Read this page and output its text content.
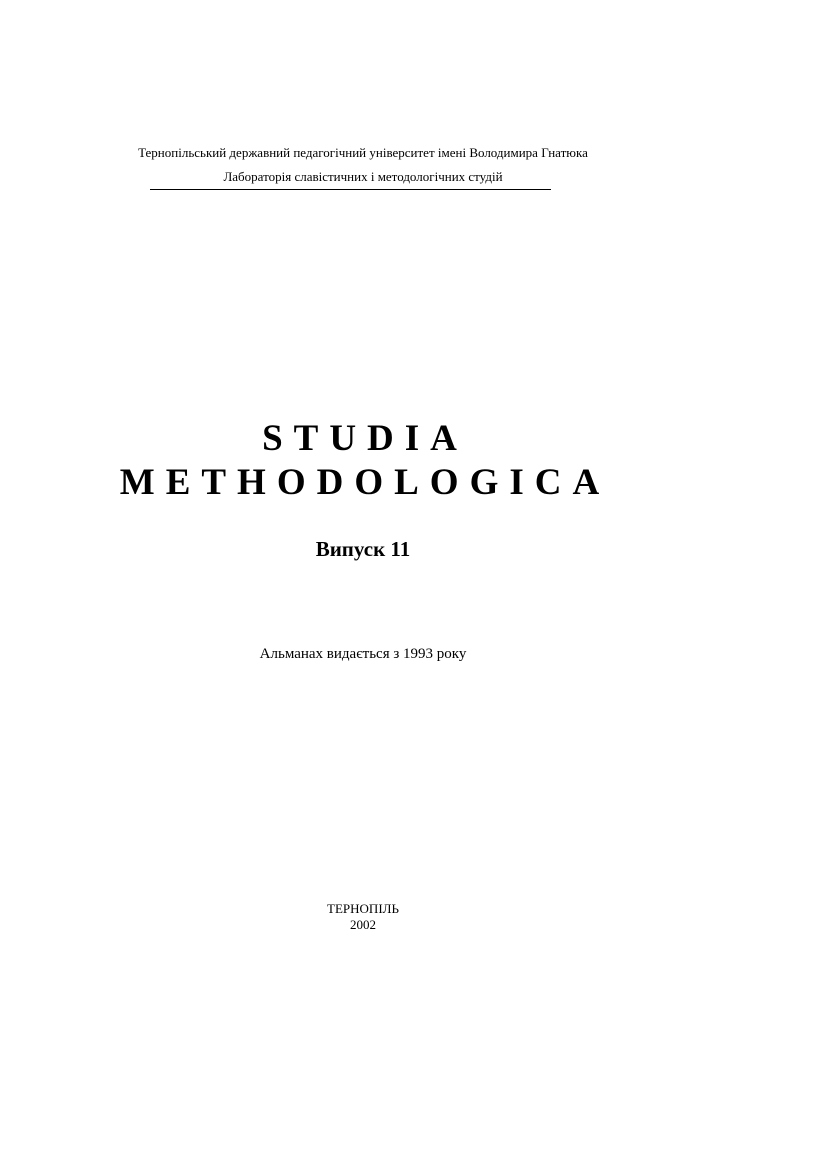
Тернопільський державний педагогічний університет імені Володимира Гнатюка
Лабораторія славістичних і методологічних студій
STUDIA
METHODOLOGICA
Випуск 11
Альманах видається з 1993 року
ТЕРНОПІЛЬ
2002
